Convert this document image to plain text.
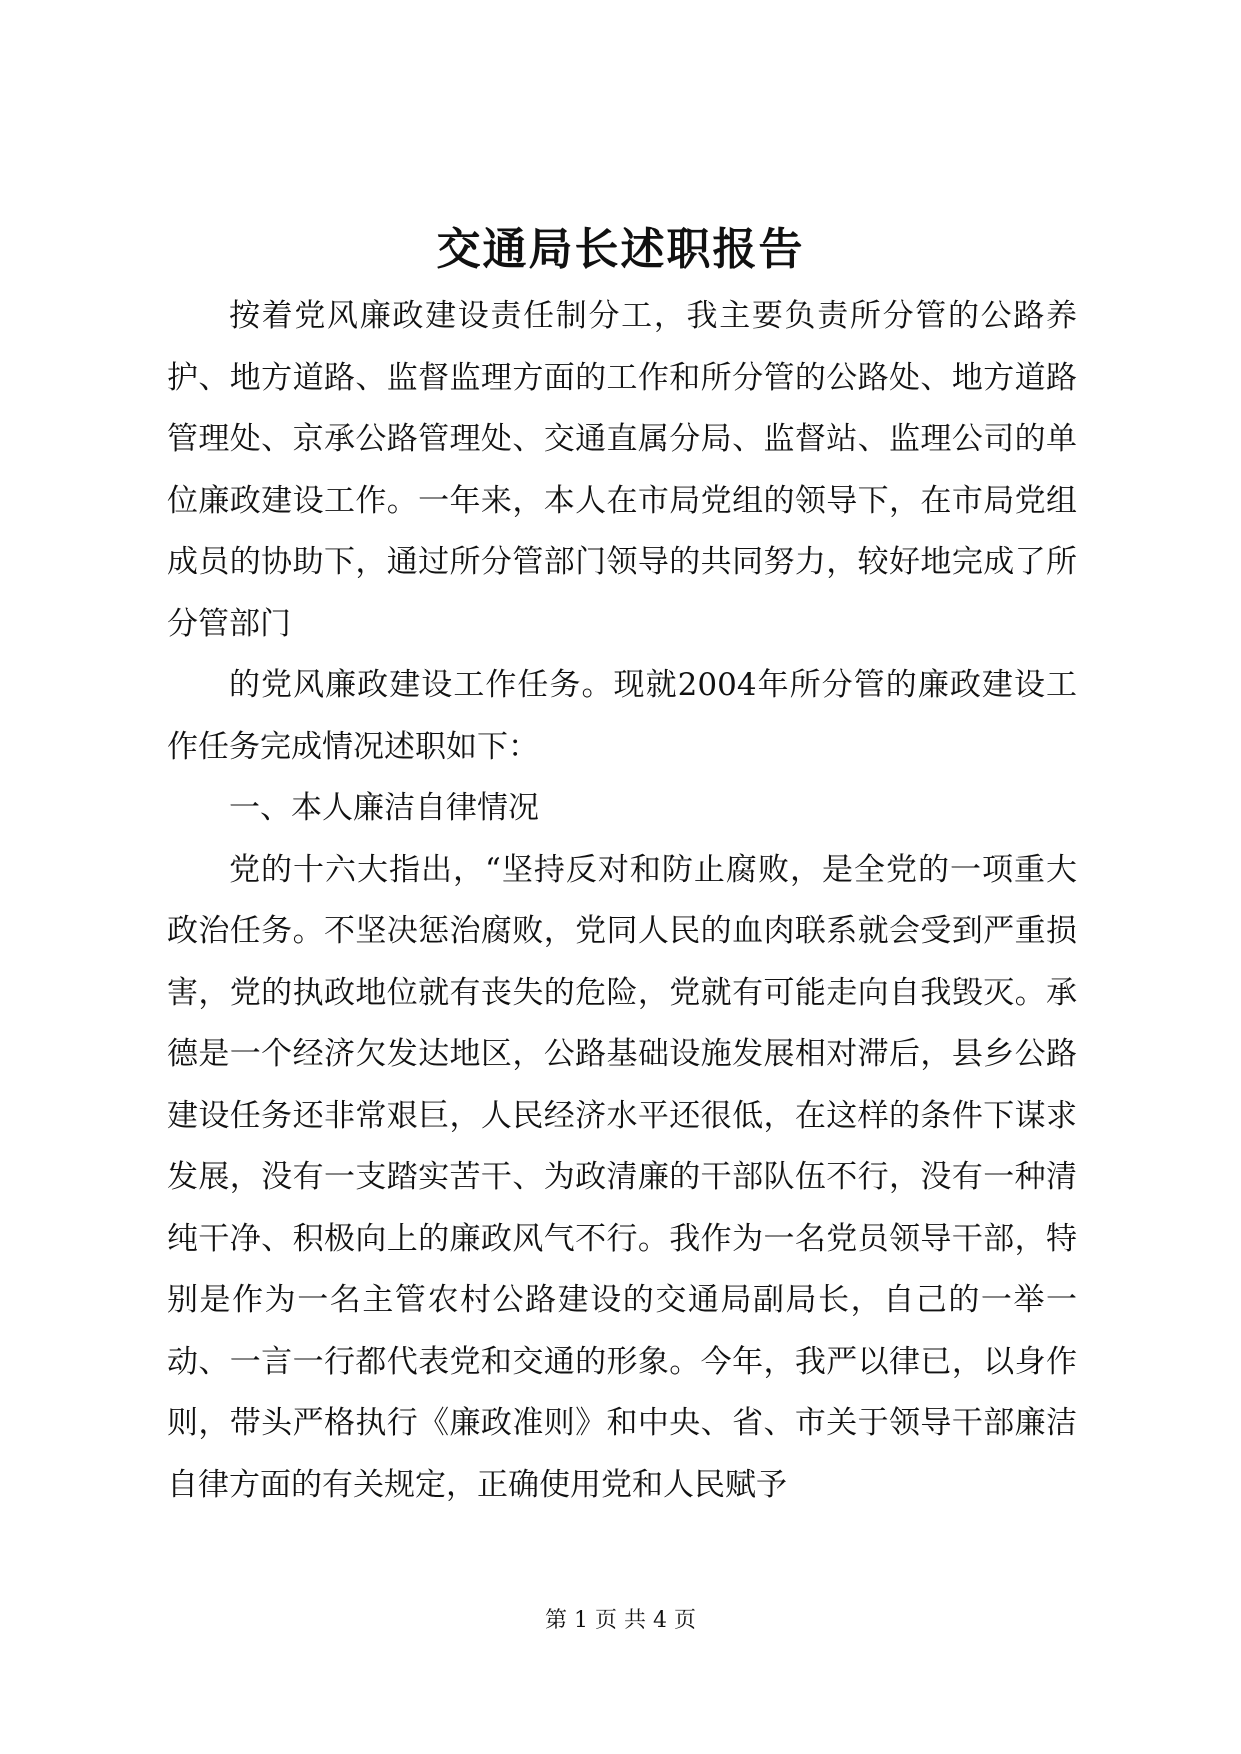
交通局长述职报告

按着党风廉政建设责任制分工，我主要负责所分管的公路养护、地方道路、监督监理方面的工作和所分管的公路处、地方道路管理处、京承公路管理处、交通直属分局、监督站、监理公司的单位廉政建设工作。一年来，本人在市局党组的领导下，在市局党组成员的协助下，通过所分管部门领导的共同努力，较好地完成了所分管部门

的党风廉政建设工作任务。现就2004年所分管的廉政建设工作任务完成情况述职如下：

一、本人廉洁自律情况

党的十六大指出，“坚持反对和防止腐败，是全党的一项重大政治任务。不坚决惩治腐败，党同人民的血肉联系就会受到严重损害，党的执政地位就有丧失的危险，党就有可能走向自我毁灭。承德是一个经济欠发达地区，公路基础设施发展相对滞后，县乡公路建设任务还非常艰巨，人民经济水平还很低，在这样的条件下谋求发展，没有一支踏实苦干、为政清廉的干部队伍不行，没有一种清纯干净、积极向上的廉政风气不行。我作为一名党员领导干部，特别是作为一名主管农村公路建设的交通局副局长，自己的一举一动、一言一行都代表党和交通的形象。今年，我严以律已，以身作则，带头严格执行《廉政准则》和中央、省、市关于领导干部廉洁自律方面的有关规定，正确使用党和人民赋予

第 1 页 共 4 页
